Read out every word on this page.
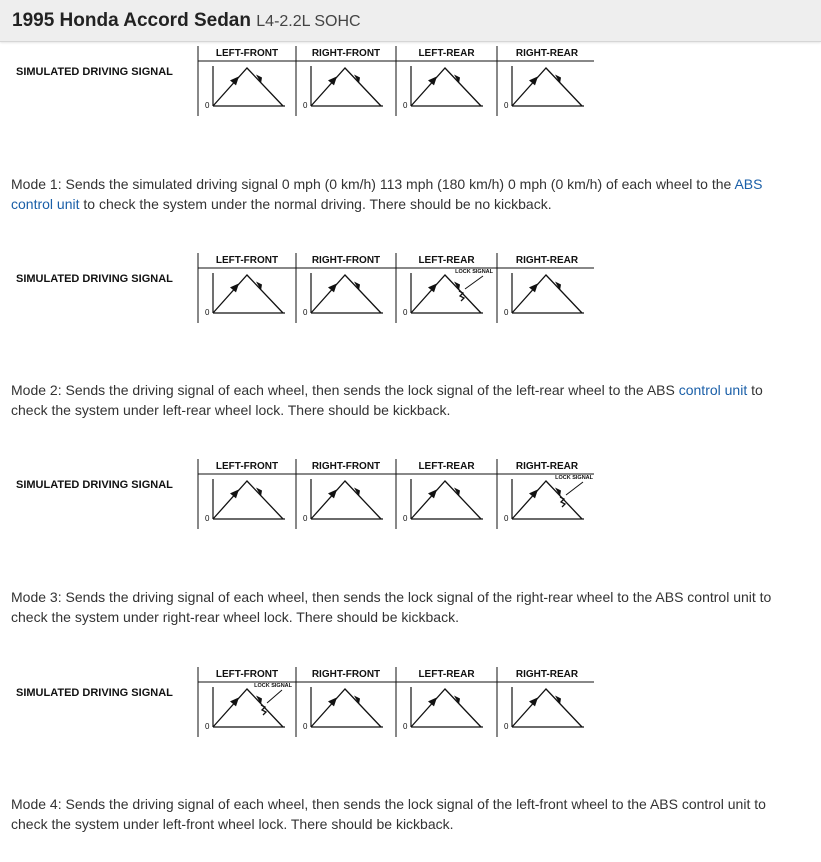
1995 Honda Accord Sedan L4-2.2L SOHC
SIMULATED DRIVING SIGNAL
LEFT-FRONT
0
RIGHT-FRONT
0
LEFT-REAR
0
RIGHT-REAR
0

Mode 1: Sends the simulated driving signal 0 mph (0 km/h) 113 mph (180 km/h) 0 mph (0 km/h) of each wheel to the ABS control unit to check the system under the normal driving. There should be no kickback.

SIMULATED DRIVING SIGNAL
LEFT-FRONT
0
RIGHT-FRONT
0
LEFT-REAR
0
LOCK SIGNAL
RIGHT-REAR
0

Mode 2: Sends the driving signal of each wheel, then sends the lock signal of the left-rear wheel to the ABS control unit to check the system under left-rear wheel lock. There should be kickback.

SIMULATED DRIVING SIGNAL
LEFT-FRONT
0
RIGHT-FRONT
0
LEFT-REAR
0
RIGHT-REAR
0
LOCK SIGNAL

Mode 3: Sends the driving signal of each wheel, then sends the lock signal of the right-rear wheel to the ABS control unit to check the system under right-rear wheel lock. There should be kickback.

SIMULATED DRIVING SIGNAL
LEFT-FRONT
0
LOCK SIGNAL
RIGHT-FRONT
0
LEFT-REAR
0
RIGHT-REAR
0

Mode 4: Sends the driving signal of each wheel, then sends the lock signal of the left-front wheel to the ABS control unit to check the system under left-front wheel lock. There should be kickback.
